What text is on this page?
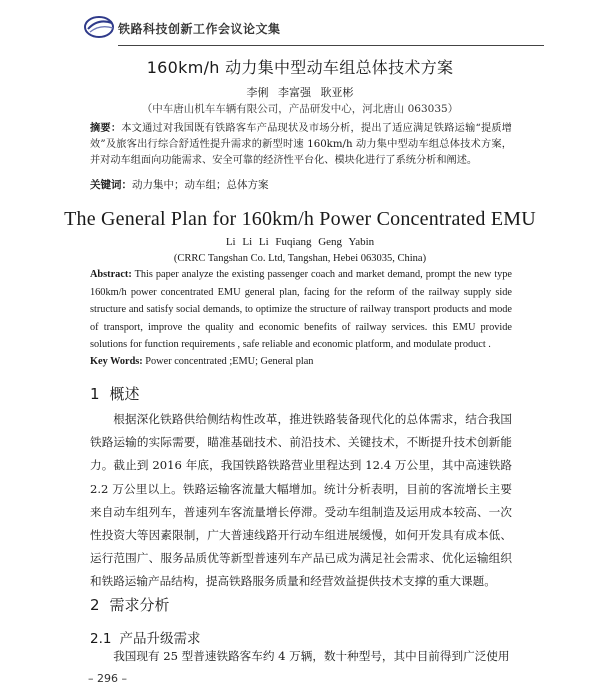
铁路科技创新工作会议论文集
160km/h 动力集中型动车组总体技术方案
李俐 李富强 耿亚彬
（中车唐山机车车辆有限公司，产品研发中心，河北唐山 063035）
摘要：本文通过对我国既有铁路客车产品现状及市场分析，提出了适应满足铁路运输“提质增效”及旅客出行综合舒适性提升需求的新型时速 160km/h 动力集中型动车组总体技术方案，并对动车组面向功能需求、安全可靠的经济性平台化、模块化进行了系统分析和阐述。
关键词：动力集中；动车组；总体方案
The General Plan for 160km/h Power Concentrated EMU
Li Li Li Fuqiang Geng Yabin
(CRRC Tangshan Co. Ltd, Tangshan, Hebei 063035, China)
Abstract: This paper analyze the existing passenger coach and market demand, prompt the new type 160km/h power concentrated EMU general plan, facing for the reform of the railway supply side structure and satisfy social demands, to optimize the structure of railway transport products and mode of transport, improve the quality and economic benefits of railway services. this EMU provide solutions for function requirements , safe reliable and economic platform, and modulate product .
Key Words: Power concentrated ;EMU; General plan
1 概述

根据深化铁路供给侧结构性改革，推进铁路装备现代化的总体需求，结合我国铁路运输的实际需要，瞄准基础技术、前沿技术、关键技术，不断提升技术创新能力。截止到 2016 年底，我国铁路铁路营业里程达到 12.4 万公里，其中高速铁路 2.2 万公里以上。铁路运输客流量大幅增加。统计分析表明，目前的客流增长主要来自动车组列车，普速列车客流量增长停滞。受动车组制造及运用成本较高、一次性投资大等因素限制，广大普速线路开行动车组进展缓慢，如何开发具有成本低、运行范围广、服务品质优等新型普速列车产品已成为满足社会需求、优化运输组织和铁路运输产品结构，提高铁路服务质量和经营效益提供技术支撑的重大课题。

2 需求分析
2.1 产品升级需求

我国现有 25 型普速铁路客车约 4 万辆，数十种型号，其中目前得到广泛使用

– 296 –
